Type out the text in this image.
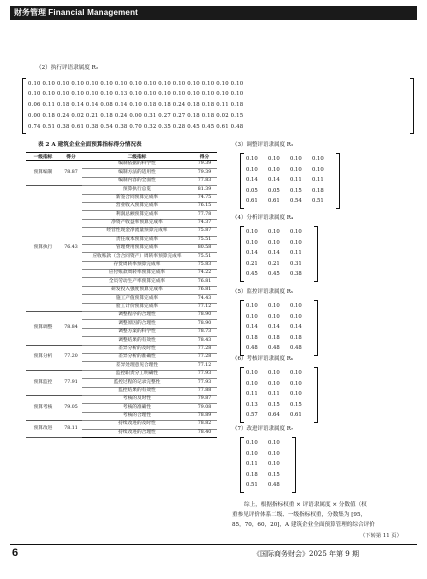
财务管理 Financial Management
（2）执行评语隶属度 R₂
0.10 0.10 0.10 0.10 0.10 0.10 0.10 0.10 0.10 0.10 0.10 0.10 0.10 0.10 0.10
0.10 0.10 0.10 0.10 0.10 0.10 0.13 0.10 0.10 0.10 0.10 0.10 0.10 0.10 0.10
0.06 0.11 0.18 0.14 0.14 0.08 0.14 0.10 0.18 0.18 0.24 0.18 0.18 0.11 0.18
0.00 0.18 0.24 0.02 0.21 0.18 0.24 0.00 0.31 0.27 0.27 0.18 0.18 0.02 0.15
0.74 0.51 0.38 0.61 0.38 0.54 0.38 0.70 0.32 0.35 0.28 0.45 0.45 0.61 0.48
表 2 A 建筑企业全面预算指标得分情况表
一级指标	得分	二级指标	得分
预算编制	78.87	编制依据的科学性	79.39
		编制方法的适用性	79.39
		编制内容的全面性	77.83
预算执行	76.43	预算执行总览	81.39
		新签合同预算完成率	74.75
		营业收入预算完成率	76.15
		利润总额预算完成率	77.78
		净资产收益率预算完成率	74.37
		经营性现金净流量预算完成率	75.87
		责任成本预算完成率	75.51
		管理费用预算完成率	80.58
		应收账款（含合同资产）周转率预算完成率	75.51
		存货周转率预算完成率	75.83
		应付账款周转率预算完成率	74.22
		全员劳动生产率预算完成率	76.81
		研发投入强度预算完成率	76.81
		施工产值预算完成率	74.43
		验工计价预算完成率	77.12
预算调整	78.84	调整程序的合理性	78.90
		调整原因的合理性	78.90
		调整方案的科学性	78.73
		调整结果的有效性	78.43
预算分析	77.20	差异分析的及时性	77.28
		差异分析的准确性	77.28
		差异处理意见合理性	77.12
预算监控	77.91	监控职责分工明确性	77.93
		监控过程的记录完整性	77.93
		监控结果的有效性	77.88
预算考核	79.05	考核的及时性	79.87
		考核的准确性	79.08
		考核的合理性	78.89
预算改进	78.11	持续改进的及时性	78.82
		持续改进的合理性	78.40
（3）调整评语隶属度 R₃
0.10 0.10 0.10 0.10
0.10 0.10 0.10 0.10
0.14 0.14 0.11 0.11
0.05 0.05 0.15 0.18
0.61 0.61 0.54 0.51
（4）分析评语隶属度 R₄
0.10 0.10 0.10
0.10 0.10 0.10
0.14 0.14 0.11
0.21 0.21 0.31
0.45 0.45 0.38
（5）监控评语隶属度 R₅
0.10 0.10 0.10
0.10 0.10 0.10
0.14 0.14 0.14
0.18 0.18 0.18
0.48 0.48 0.48
（6）考核评语隶属度 R₆
0.10 0.10 0.10
0.10 0.10 0.10
0.11 0.11 0.10
0.13 0.15 0.15
0.57 0.64 0.61
（7）改进评语隶属度 R₇
0.10 0.10
0.10 0.10
0.11 0.10
0.18 0.15
0.51 0.48
综上，根据指标权重 × 评语隶属度 × 分数值（权
重参见评价体系二级、一级指标权重，分数集为 [95，
85，70，60，20]，A 建筑企业全面预算管理的综合评价
（下转第 11 页）
6	《国际商务财会》2025 年第 9 期
